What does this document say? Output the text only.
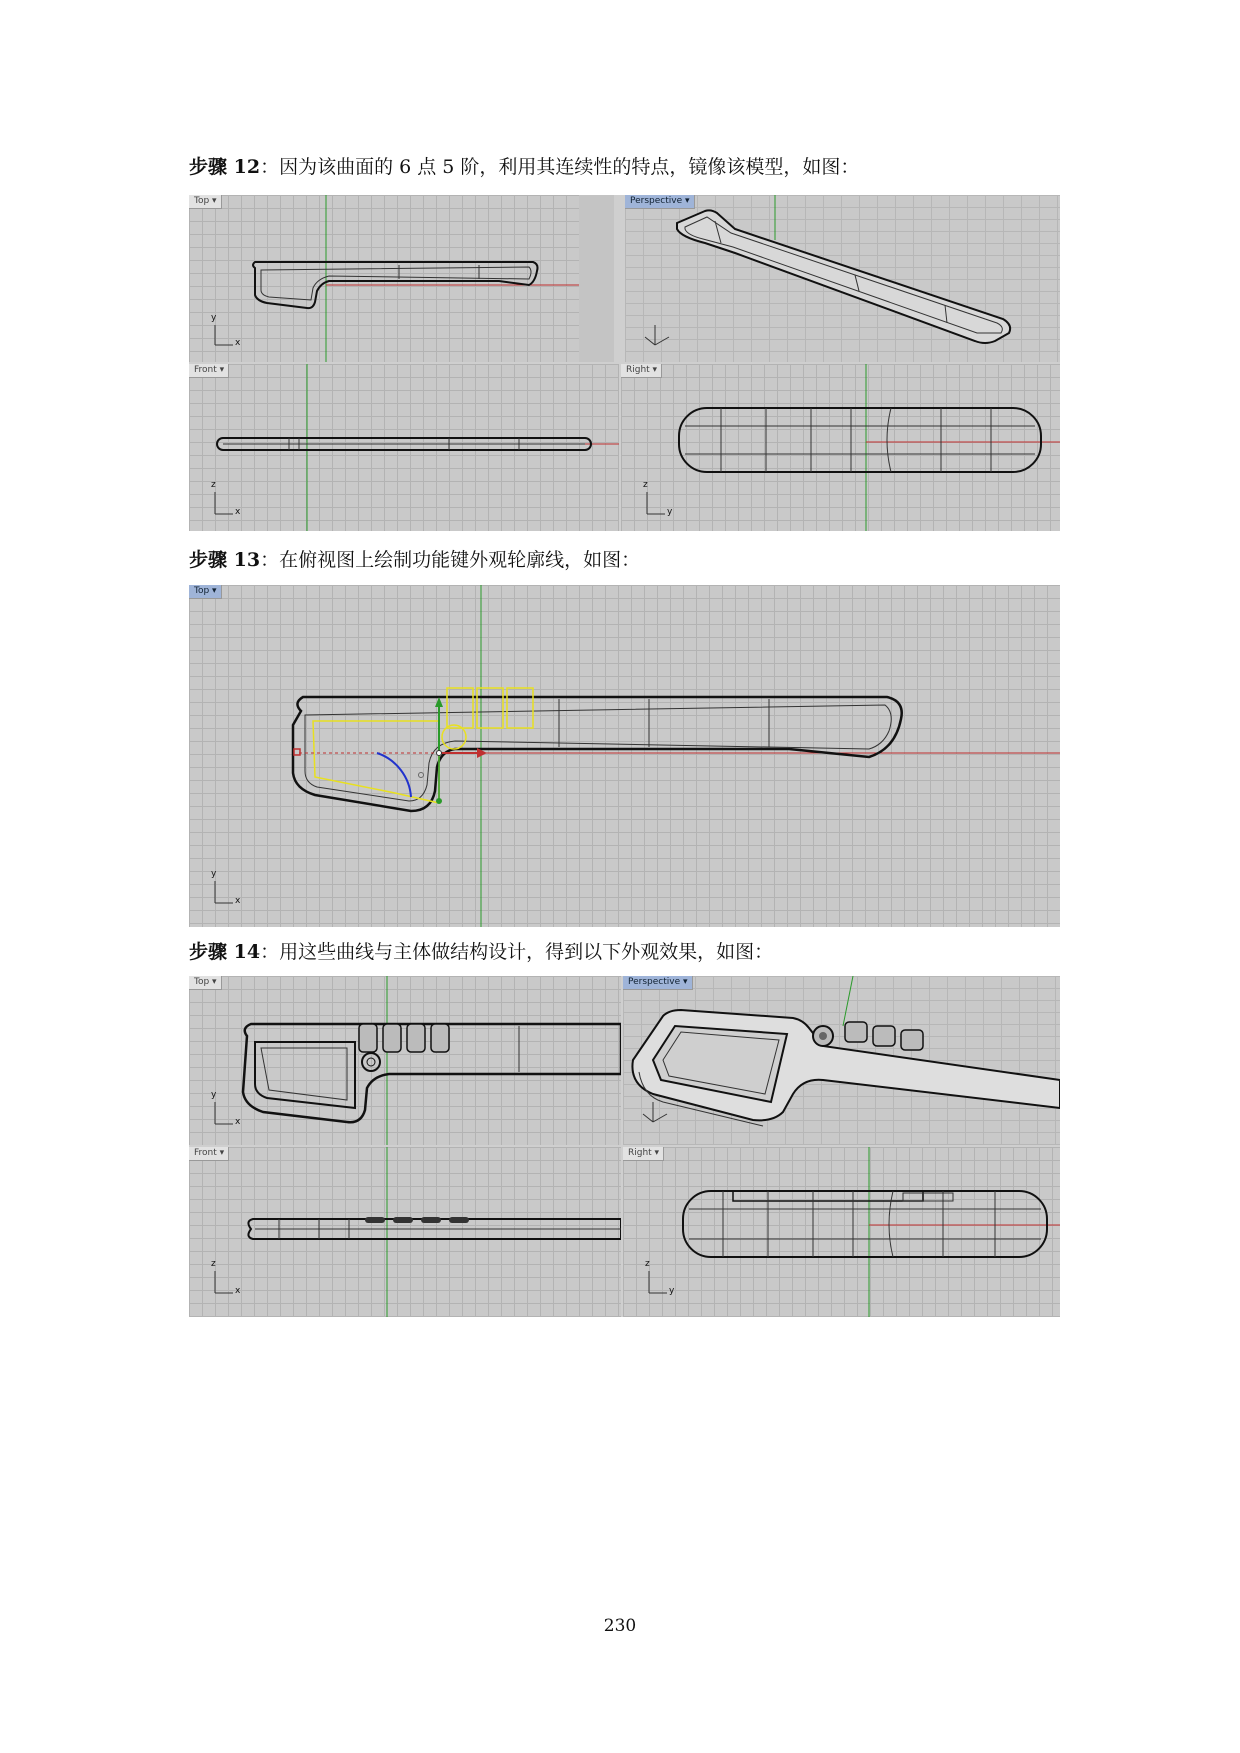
步骤 12：因为该曲面的 6 点 5 阶，利用其连续性的特点，镜像该模型，如图：
y
x
Top ▾	Perspective ▾
z
x
Front ▾
z
y
Right ▾
步骤 13：在俯视图上绘制功能键外观轮廓线，如图：
y
x
Top ▾
步骤 14：用这些曲线与主体做结构设计，得到以下外观效果，如图：
y
x
Top ▾	Perspective ▾
z
x
Front ▾
z
y
Right ▾
230
